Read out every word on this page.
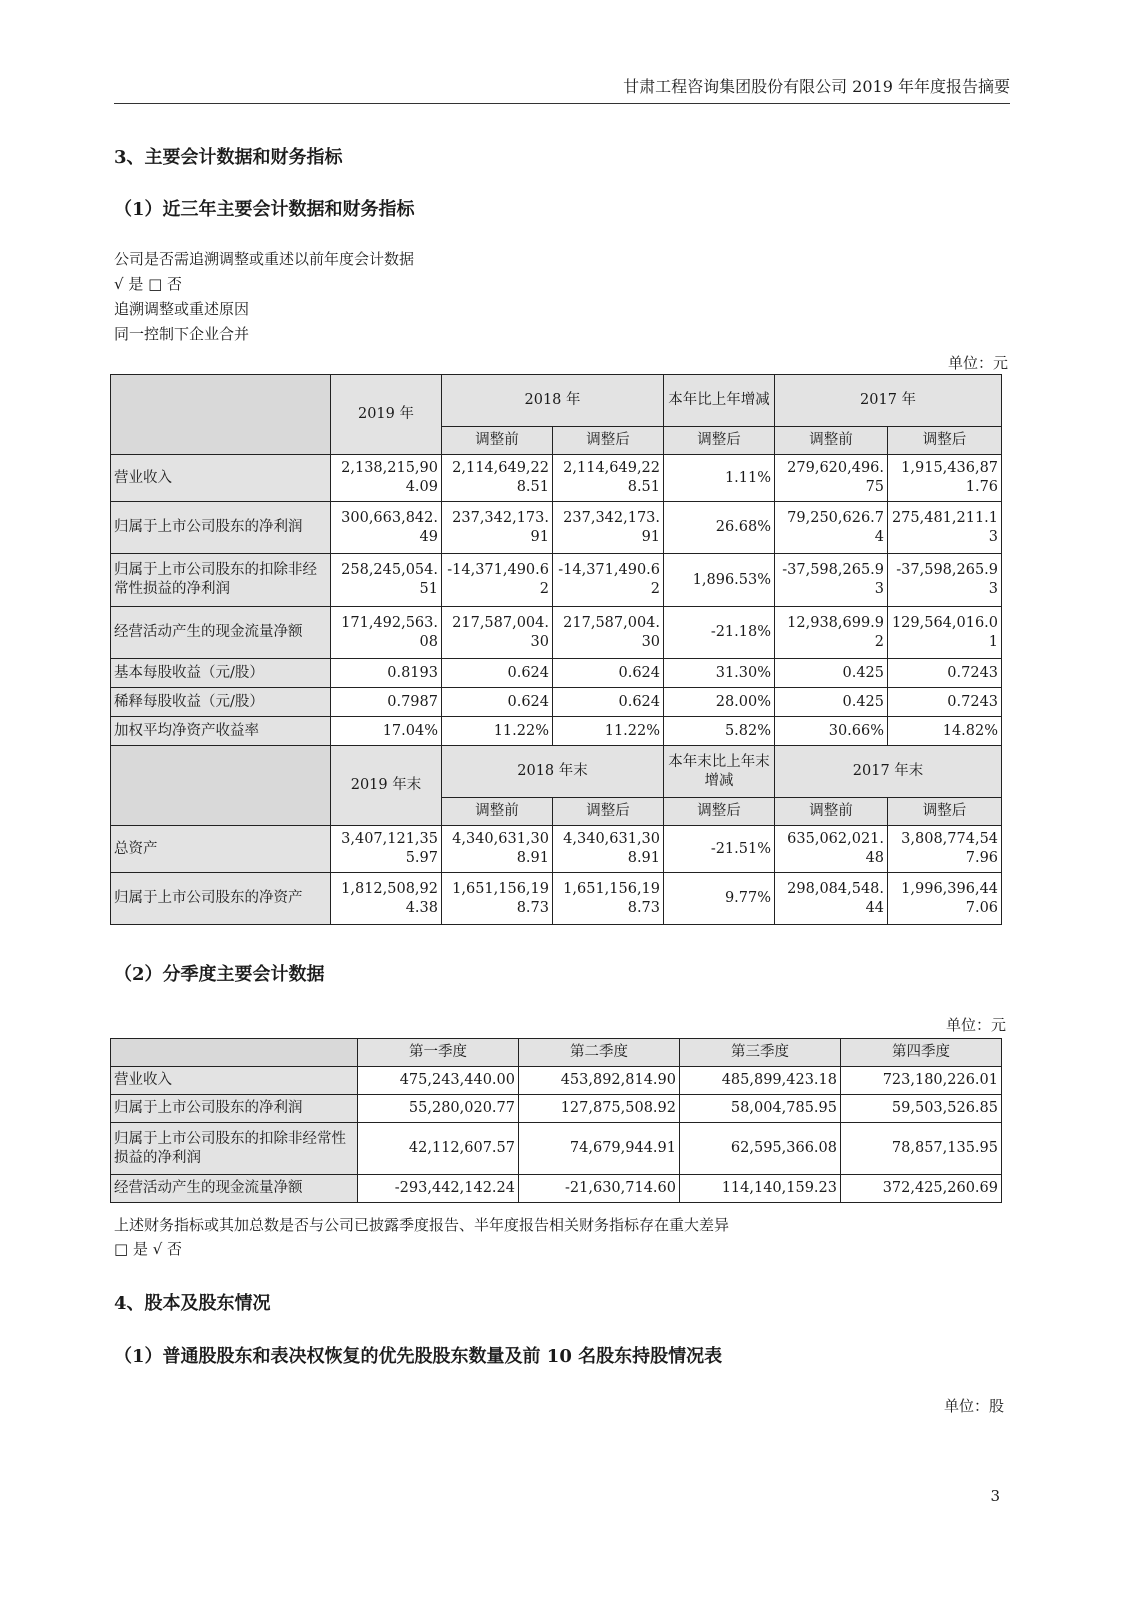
甘肃工程咨询集团股份有限公司 2019 年年度报告摘要
3、主要会计数据和财务指标
（1）近三年主要会计数据和财务指标
公司是否需追溯调整或重述以前年度会计数据
√ 是 □ 否
追溯调整或重述原因
同一控制下企业合并
单位：元
	2019 年	2018 年		本年比上年增减	2017 年	
		调整前	调整后	调整后	调整前	调整后
营业收入	2,138,215,904.09	2,114,649,228.51	2,114,649,228.51	1.11%	279,620,496.75	1,915,436,871.76
归属于上市公司股东的净利润	300,663,842.49	237,342,173.91	237,342,173.91	26.68%	79,250,626.74	275,481,211.13
归属于上市公司股东的扣除非经常性损益的净利润	258,245,054.51	-14,371,490.62	-14,371,490.62	1,896.53%	-37,598,265.93	-37,598,265.93
经营活动产生的现金流量净额	171,492,563.08	217,587,004.30	217,587,004.30	-21.18%	12,938,699.92	129,564,016.01
基本每股收益（元/股）	0.8193	0.624	0.624	31.30%	0.425	0.7243
稀释每股收益（元/股）	0.7987	0.624	0.624	28.00%	0.425	0.7243
加权平均净资产收益率	17.04%	11.22%	11.22%	5.82%	30.66%	14.82%
	2019 年末	2018 年末		本年末比上年末增减	2017 年末	
		调整前	调整后	调整后	调整前	调整后
总资产	3,407,121,355.97	4,340,631,308.91	4,340,631,308.91	-21.51%	635,062,021.48	3,808,774,547.96
归属于上市公司股东的净资产	1,812,508,924.38	1,651,156,198.73	1,651,156,198.73	9.77%	298,084,548.44	1,996,396,447.06
（2）分季度主要会计数据
单位：元
	第一季度	第二季度	第三季度	第四季度
营业收入	475,243,440.00	453,892,814.90	485,899,423.18	723,180,226.01
归属于上市公司股东的净利润	55,280,020.77	127,875,508.92	58,004,785.95	59,503,526.85
归属于上市公司股东的扣除非经常性损益的净利润	42,112,607.57	74,679,944.91	62,595,366.08	78,857,135.95
经营活动产生的现金流量净额	-293,442,142.24	-21,630,714.60	114,140,159.23	372,425,260.69
上述财务指标或其加总数是否与公司已披露季度报告、半年度报告相关财务指标存在重大差异
□ 是 √ 否
4、股本及股东情况
（1）普通股股东和表决权恢复的优先股股东数量及前 10 名股东持股情况表
单位：股
3
